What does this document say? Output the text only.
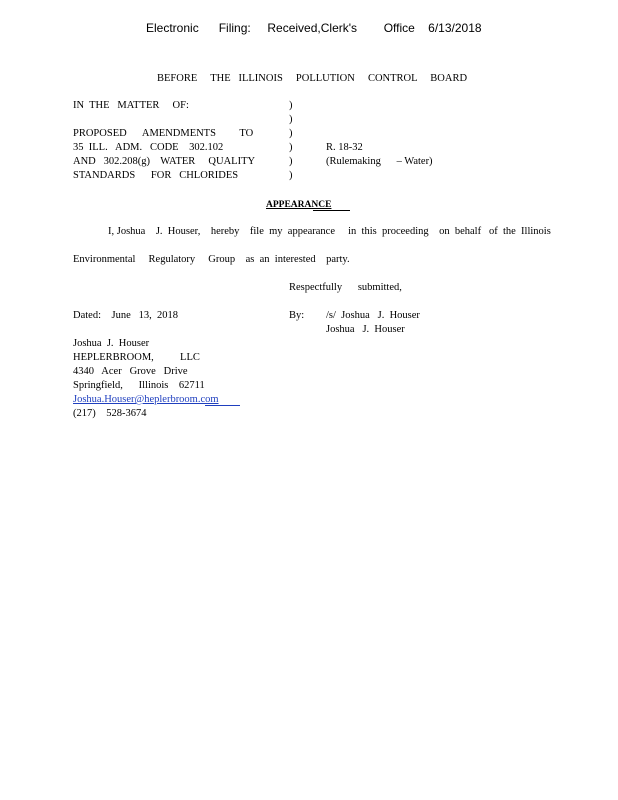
Electronic      Filing:     Received,Clerk's        Office    6/13/2018
BEFORE     THE   ILLINOIS     POLLUTION     CONTROL     BOARD
IN  THE   MATTER     OF:
PROPOSED      AMENDMENTS         TO
35  ILL.   ADM.   CODE    302.102
AND   302.208(g)    WATER     QUALITY
STANDARDS      FOR   CHLORIDES
)
)
)
)
)
)
R. 18-32
(Rulemaking      – Water)
APPEARANCE
I, Joshua    J.  Houser,    hereby    file  my  appearance     in  this  proceeding    on  behalf   of  the  Illinois
Environmental     Regulatory     Group    as  an  interested    party.
Respectfully      submitted,
Dated:    June   13,  2018	By: /s/  Joshua   J.  Houser
Joshua   J.  Houser
Joshua  J.  Houser
HEPLERBROOM,          LLC
4340   Acer   Grove   Drive
Springfield,      Illinois    62711
Joshua.Houser@heplerbroom.com
(217)    528-3674
